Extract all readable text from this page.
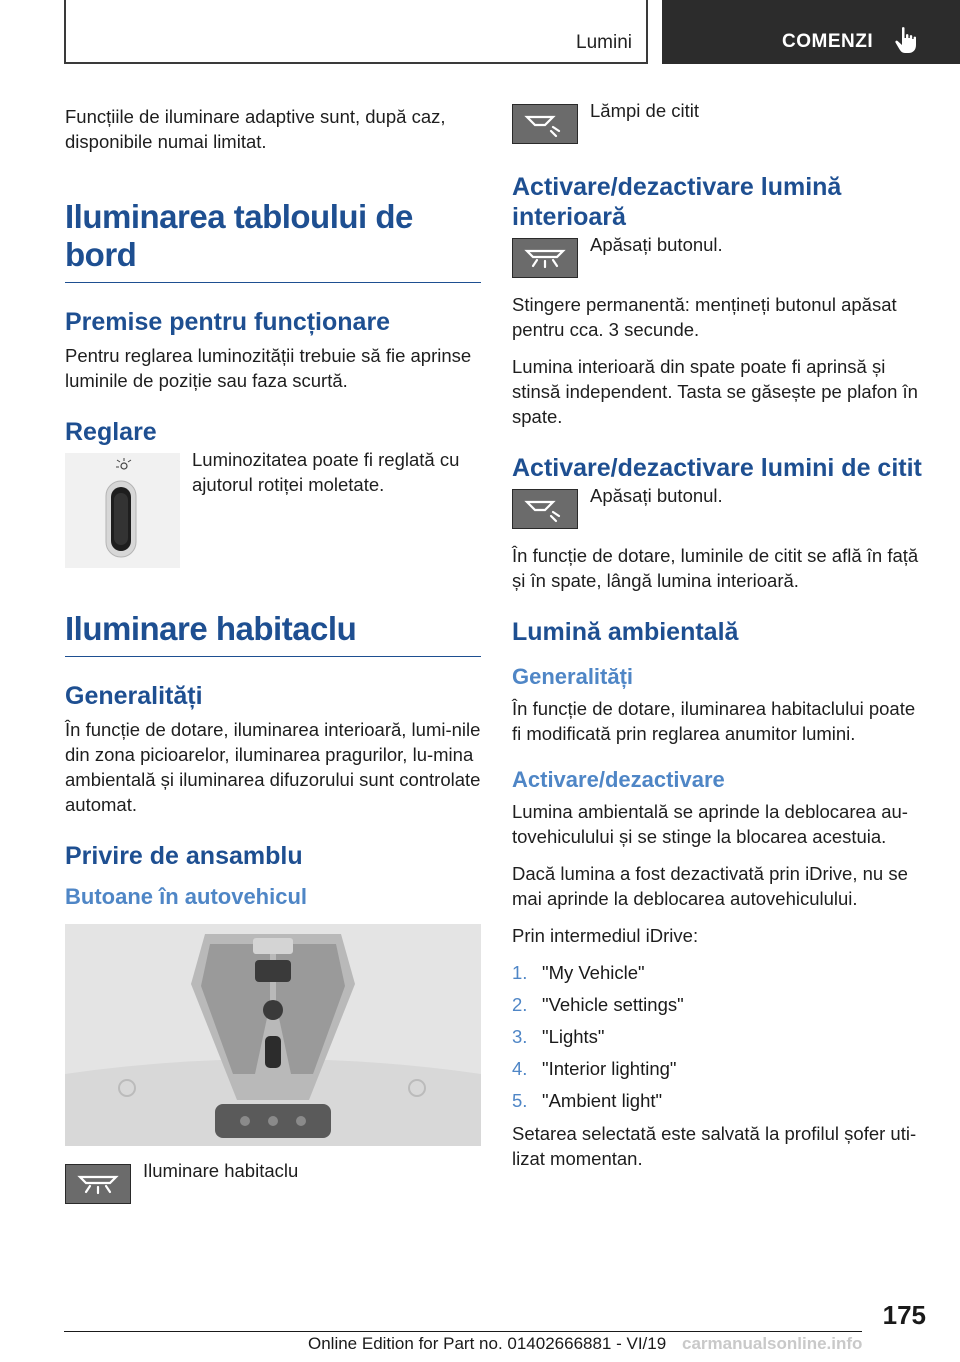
Lumini	COMENZI

Funcțiile de iluminare adaptive sunt, după caz, disponibile numai limitat.

Iluminarea tabloului de bord
Premise pentru funcționare

Pentru reglarea luminozității trebuie să fie aprinse luminile de poziție sau faza scurtă.

Reglare

Luminozitatea poate fi reglată cu ajutorul rotiței moletate.

Iluminare habitaclu
Generalități

În funcție de dotare, iluminarea interioară, lumi-nile din zona picioarelor, iluminarea pragurilor, lu-mina ambientală și iluminarea difuzorului sunt controlate automat.

Privire de ansamblu
Butoane în autovehicul

Iluminare habitaclu

Lămpi de citit

Activare/dezactivare lumină interioară

Apăsați butonul.

Stingere permanentă: mențineți butonul apăsat pentru cca. 3 secunde.

Lumina interioară din spate poate fi aprinsă și stinsă independent. Tasta se găsește pe plafon în spate.

Activare/dezactivare lumini de citit

Apăsați butonul.

În funcție de dotare, luminile de citit se află în față și în spate, lângă lumina interioară.

Lumină ambientală
Generalități

În funcție de dotare, iluminarea habitaclului poate fi modificată prin reglarea anumitor lumini.

Activare/dezactivare

Lumina ambientală se aprinde la deblocarea au-tovehiculului și se stinge la blocarea acestuia.

Dacă lumina a fost dezactivată prin iDrive, nu se mai aprinde la deblocarea autovehiculului.

Prin intermediul iDrive:

1. "My Vehicle"
2. "Vehicle settings"
3. "Lights"
4. "Interior lighting"
5. "Ambient light"

Setarea selectată este salvată la profilul șofer uti-lizat momentan.

175
Online Edition for Part no. 01402666881 - VI/19 carmanualsonline.info
